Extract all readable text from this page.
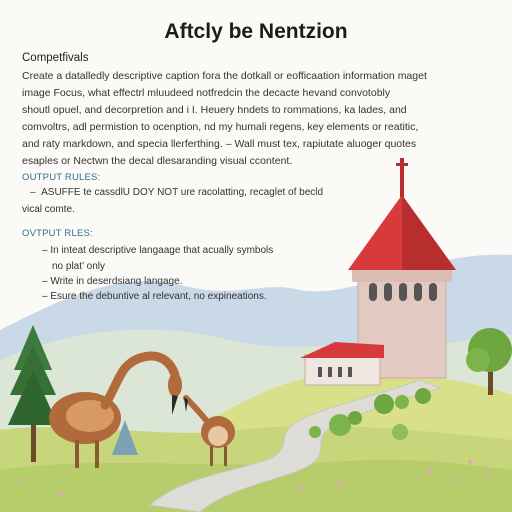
Aftcly be Nentzion

Competfivals

Create a datalledly descriptive caption fora the dotkall or eofficaation information maget
image Focus, what effectrl mluudeed notfredcin the decacte hevand convotobly
shoutl opuel, and decorpretion and i I. Heuery hndets to rommations, ka lades, and
comvoltrs, adl permistion to ocenption, nd my humali regens, key elements or reatitic,
and raty markdown, and specia llerferthing. – Wall must tex, rapiutate aluoger quotes
esaples or Nectwn the decal dlesaranding visual ccontent.

OUTPUT RULES:

–  ASUFFE te cassdlU DOY NOT ure racolatting, recaglet of becld

vical comte.

OVTPUT RLES:

– In inteat descriptive langaage that acually symbols

no plat’ only

– Write in deserdsiang langage.

– Esure the debuntive al relevant, no expineations.
